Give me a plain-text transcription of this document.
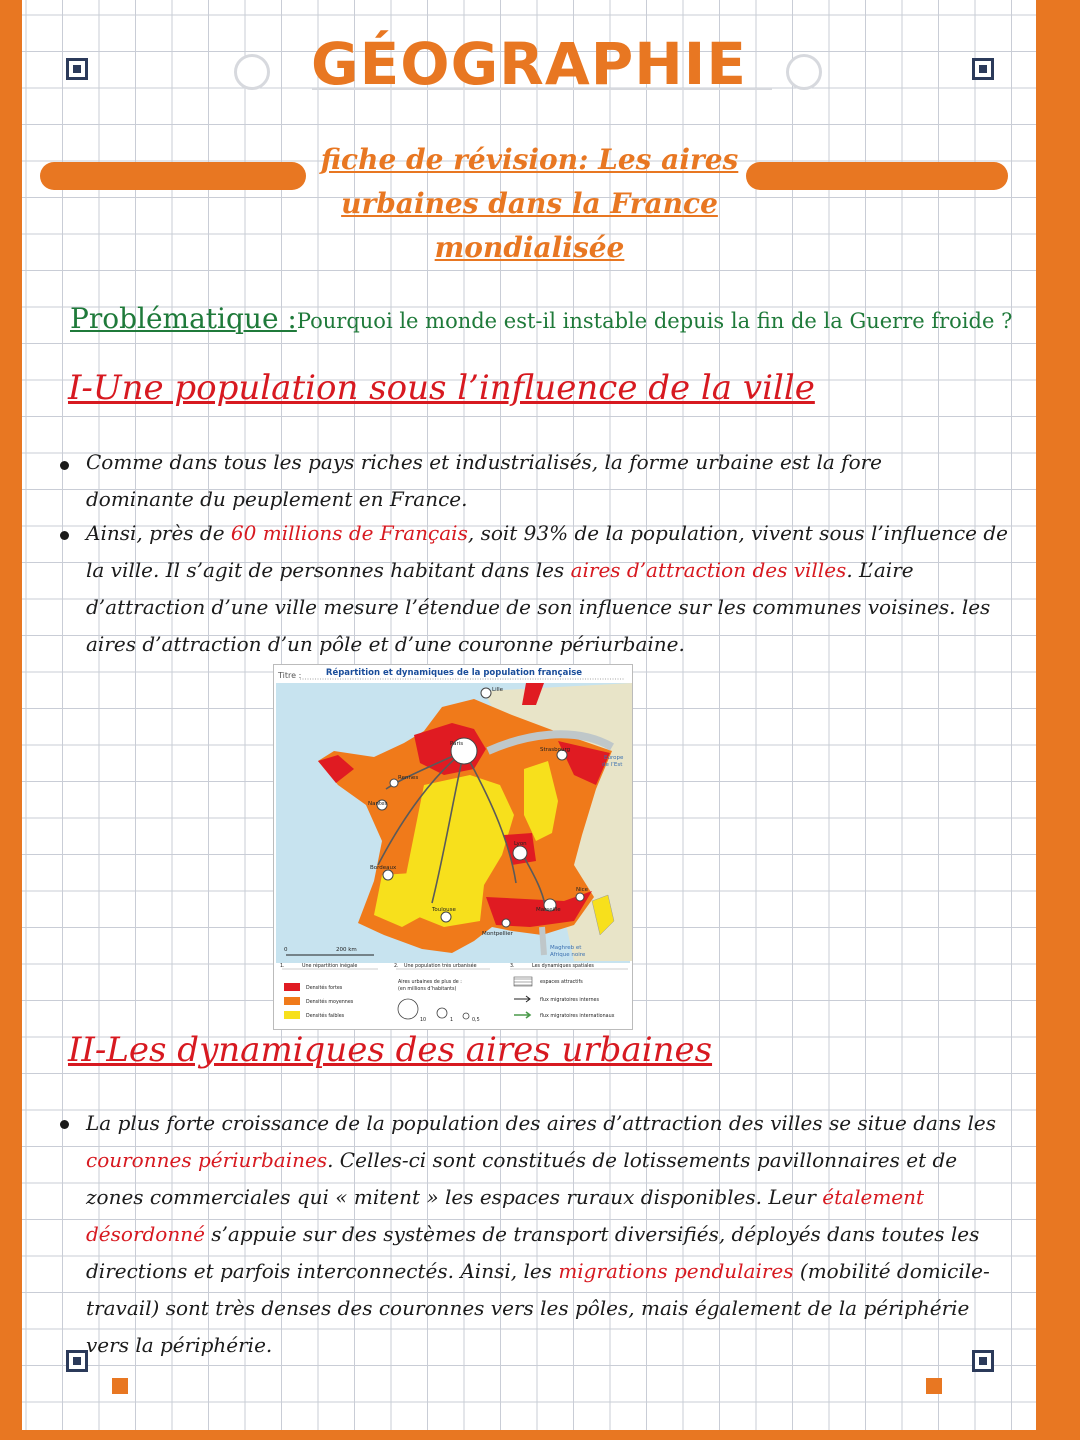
GÉOGRAPHIE
fiche de révision: Les aires
urbaines dans la France
mondialisée

Problématique :Pourquoi le monde est-il instable depuis la fin de la Guerre froide ?

I-Une population sous l’influence de la ville

Comme dans tous les pays riches et industrialisés, la forme urbaine est la fore dominante du peuplement en France.

Ainsi, près de 60 millions de Français, soit 93% de la population, vivent sous l’influence de la ville. Il s’agit de personnes habitant dans les aires d’attraction des villes. L’aire d’attraction d’une ville mesure l’étendue de son influence sur les communes voisines. les aires d’attraction d’un pôle et d’une couronne périurbaine.

Titre :	Répartition et dynamiques de la population française
Lille
Paris
Strasbourg
Rennes
Nantes
Lyon
Bordeaux
Toulouse
Montpellier
Marseille
Nice
Europe
de l’Est
Maghreb et
Afrique noire
0	200 km
1.	Une répartition inégale
Densités fortes
Densités moyennes
Densités faibles
2. Une population très urbanisée
Aires urbaines de plus de :
(en millions d’habitants)
10	1	0,5
3.	Les dynamiques spatiales
espaces attractifs
flux migratoires internes
flux migratoires internationaux
II-Les dynamiques des aires urbaines

La plus forte croissance de la population des aires d’attraction des villes se situe dans les couronnes périurbaines. Celles-ci sont constitués de lotissements pavillonnaires et de zones commerciales qui « mitent » les espaces ruraux disponibles. Leur étalement désordonné s’appuie sur des systèmes de transport diversifiés, déployés dans toutes les directions et parfois interconnectés. Ainsi, les migrations pendulaires (mobilité domicile-travail) sont très denses des couronnes vers les pôles, mais également de la périphérie vers la périphérie.
